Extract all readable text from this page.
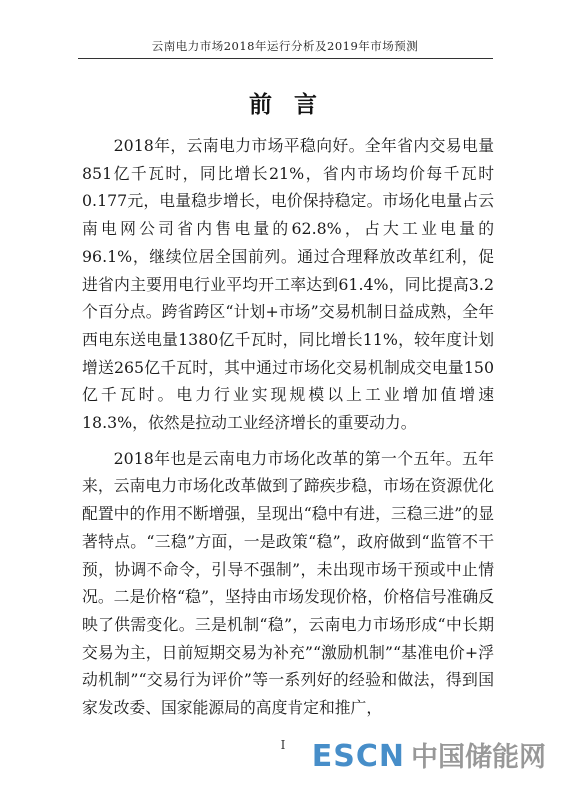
云南电力市场2018年运行分析及2019年市场预测
前言

2018年，云南电力市场平稳向好。全年省内交易电量851亿千瓦时，同比增长21%，省内市场均价每千瓦时0.177元，电量稳步增长，电价保持稳定。市场化电量占云南电网公司省内售电量的62.8%，占大工业电量的96.1%，继续位居全国前列。通过合理释放改革红利，促进省内主要用电行业平均开工率达到61.4%，同比提高3.2个百分点。跨省跨区“计划+市场”交易机制日益成熟，全年西电东送电量1380亿千瓦时，同比增长11%，较年度计划增送265亿千瓦时，其中通过市场化交易机制成交电量150亿千瓦时。电力行业实现规模以上工业增加值增速18.3%，依然是拉动工业经济增长的重要动力。

2018年也是云南电力市场化改革的第一个五年。五年来，云南电力市场化改革做到了蹄疾步稳，市场在资源优化配置中的作用不断增强，呈现出“稳中有进，三稳三进”的显著特点。“三稳”方面，一是政策“稳”，政府做到“监管不干预，协调不命令，引导不强制”，未出现市场干预或中止情况。二是价格“稳”，坚持由市场发现价格，价格信号准确反映了供需变化。三是机制“稳”，云南电力市场形成“中长期交易为主，日前短期交易为补充”“激励机制”“基准电价+浮动机制”“交易行为评价”等一系列好的经验和做法，得到国家发改委、国家能源局的高度肯定和推广，

I ESCN 中国储能网
